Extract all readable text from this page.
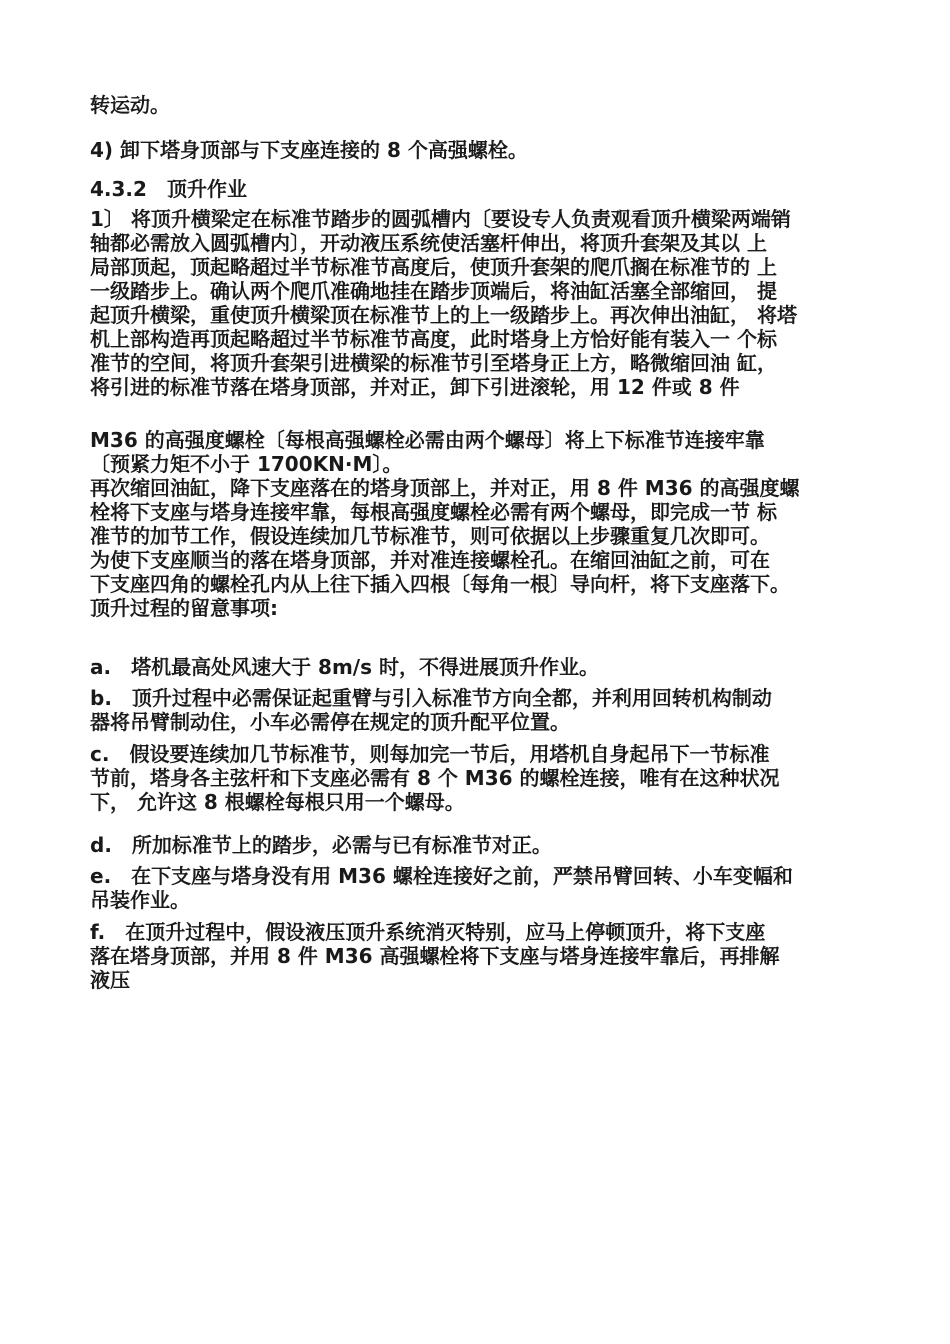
转运动。
4) 卸下塔身顶部与下支座连接的 8 个高强螺栓。
4.3.2　顶升作业
1〕 将顶升横梁定在标准节踏步的圆弧槽内〔要设专人负责观看顶升横梁两端销
轴都必需放入圆弧槽内〕，开动液压系统使活塞杆伸出，将顶升套架及其以 上
局部顶起，顶起略超过半节标准节高度后，使顶升套架的爬爪搁在标准节的 上
一级踏步上。确认两个爬爪准确地挂在踏步顶端后，将油缸活塞全部缩回， 提
起顶升横梁，重使顶升横梁顶在标准节上的上一级踏步上。再次伸出油缸， 将塔
机上部构造再顶起略超过半节标准节高度，此时塔身上方恰好能有装入一 个标
准节的空间，将顶升套架引进横梁的标准节引至塔身正上方，略微缩回油 缸，
将引进的标准节落在塔身顶部，并对正，卸下引进滚轮，用 12 件或 8 件
M36 的高强度螺栓〔每根高强螺栓必需由两个螺母〕将上下标准节连接牢靠
〔预紧力矩不小于 1700KN·M〕。
再次缩回油缸，降下支座落在的塔身顶部上，并对正，用 8 件 M36 的高强度螺
栓将下支座与塔身连接牢靠，每根高强度螺栓必需有两个螺母，即完成一节 标
准节的加节工作，假设连续加几节标准节，则可依据以上步骤重复几次即可。
为使下支座顺当的落在塔身顶部，并对准连接螺栓孔。在缩回油缸之前，可在
下支座四角的螺栓孔内从上往下插入四根〔每角一根〕导向杆，将下支座落下。
顶升过程的留意事项:
a.　塔机最高处风速大于 8m/s 时，不得进展顶升作业。
b.　顶升过程中必需保证起重臂与引入标准节方向全都，并利用回转机构制动
器将吊臂制动住，小车必需停在规定的顶升配平位置。
c.　假设要连续加几节标准节，则每加完一节后，用塔机自身起吊下一节标准
节前，塔身各主弦杆和下支座必需有 8 个 M36 的螺栓连接，唯有在这种状况
下， 允许这 8 根螺栓每根只用一个螺母。
d.　所加标准节上的踏步，必需与已有标准节对正。
e.　在下支座与塔身没有用 M36 螺栓连接好之前，严禁吊臂回转、小车变幅和
吊装作业。
f.　在顶升过程中，假设液压顶升系统消灭特别，应马上停顿顶升，将下支座
落在塔身顶部，并用 8 件 M36 高强螺栓将下支座与塔身连接牢靠后，再排解
液压
